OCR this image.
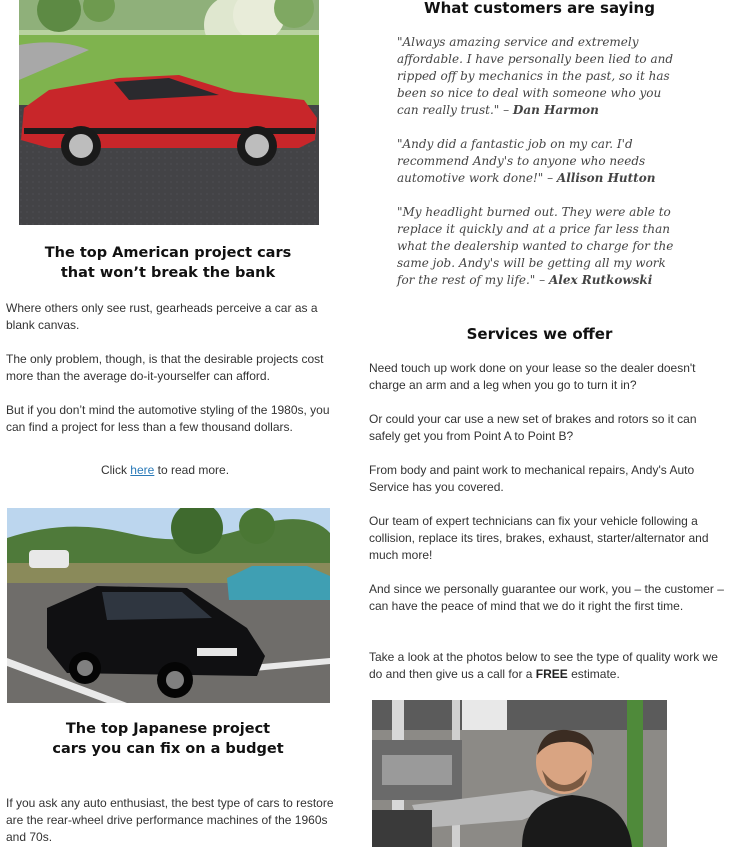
The top American project cars
that won’t break the bank
Where others only see rust, gearheads perceive a car as a blank canvas.
The only problem, though, is that the desirable projects cost more than the average do-it-yourselfer can afford.
But if you don’t mind the automotive styling of the 1980s, you can find a project for less than a few thousand dollars.
Click here to read more.
The top Japanese project
cars you can fix on a budget
If you ask any auto enthusiast, the best type of cars to restore are the rear-wheel drive performance machines of the 1960s and 70s.
What customers are saying
"Always amazing service and extremely affordable. I have personally been lied to and ripped off by mechanics in the past, so it has been so nice to deal with someone who you can really trust." – Dan Harmon
"Andy did a fantastic job on my car. I'd recommend Andy's to anyone who needs automotive work done!" – Allison Hutton
"My headlight burned out. They were able to replace it quickly and at a price far less than what the dealership wanted to charge for the same job. Andy's will be getting all my work for the rest of my life." – Alex Rutkowski
Services we offer
Need touch up work done on your lease so the dealer doesn't charge an arm and a leg when you go to turn it in?
Or could your car use a new set of brakes and rotors so it can safely get you from Point A to Point B?
From body and paint work to mechanical repairs, Andy's Auto Service has you covered.
Our team of expert technicians can fix your vehicle following a collision, replace its tires, brakes, exhaust, starter/alternator and much more!
And since we personally guarantee our work, you – the customer – can have the peace of mind that we do it right the first time.
Take a look at the photos below to see the type of quality work we do and then give us a call for a FREE estimate.
